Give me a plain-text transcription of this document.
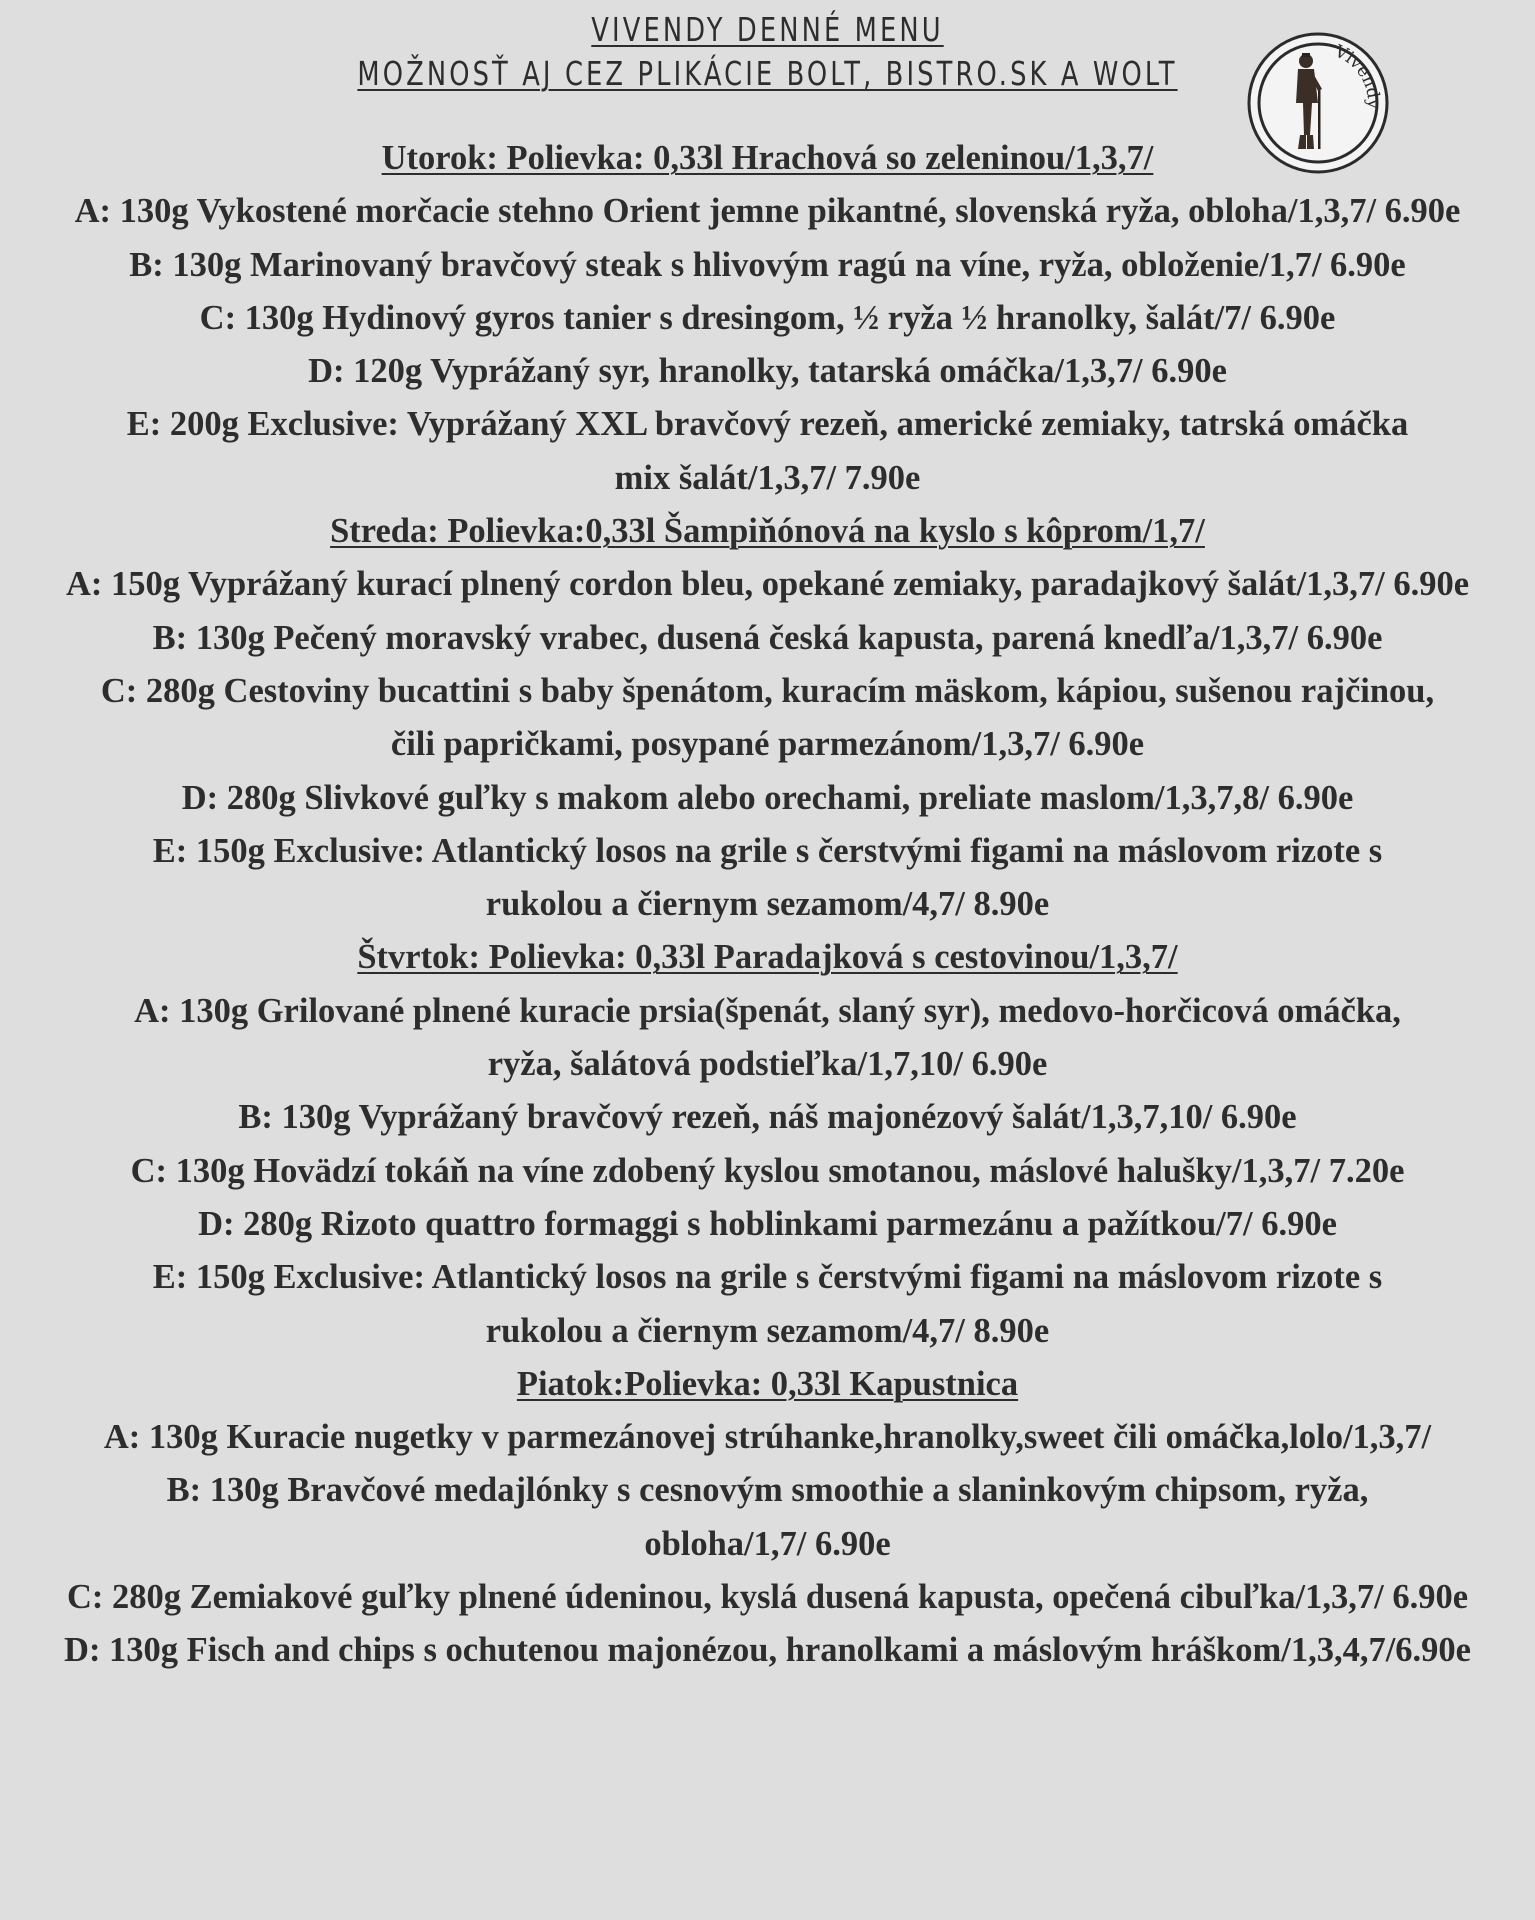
VIVENDY DENNÉ MENU
MOŽNOSŤ AJ CEZ PLIKÁCIE BOLT, BISTRO.SK A WOLT
Vivendy
Utorok: Polievka: 0,33l Hrachová so zeleninou/1,3,7/
A: 130g Vykostené morčacie stehno Orient jemne pikantné, slovenská ryža, obloha/1,3,7/ 6.90e
B: 130g Marinovaný bravčový steak s hlivovým ragú na víne, ryža, obloženie/1,7/ 6.90e
C: 130g Hydinový gyros tanier s dresingom, ½ ryža ½ hranolky, šalát/7/ 6.90e
D: 120g Vyprážaný syr, hranolky, tatarská omáčka/1,3,7/ 6.90e
E: 200g Exclusive: Vyprážaný XXL bravčový rezeň, americké zemiaky, tatrská omáčka
mix šalát/1,3,7/ 7.90e
Streda: Polievka:0,33l Šampiňónová na kyslo s kôprom/1,7/
A: 150g Vyprážaný kurací plnený cordon bleu, opekané zemiaky, paradajkový šalát/1,3,7/ 6.90e
B: 130g Pečený moravský vrabec, dusená česká kapusta, parená knedľa/1,3,7/ 6.90e
C: 280g Cestoviny bucattini s baby špenátom, kuracím mäskom, kápiou, sušenou rajčinou,
čili papričkami, posypané parmezánom/1,3,7/ 6.90e
D: 280g Slivkové guľky s makom alebo orechami, preliate maslom/1,3,7,8/ 6.90e
E: 150g Exclusive: Atlantický losos na grile s čerstvými figami na máslovom rizote s
rukolou a čiernym sezamom/4,7/ 8.90e
Štvrtok: Polievka: 0,33l Paradajková s cestovinou/1,3,7/
A: 130g Grilované plnené kuracie prsia(špenát, slaný syr), medovo-horčicová omáčka,
ryža, šalátová podstieľka/1,7,10/ 6.90e
B: 130g Vyprážaný bravčový rezeň, náš majonézový šalát/1,3,7,10/ 6.90e
C: 130g Hovädzí tokáň na víne zdobený kyslou smotanou, máslové halušky/1,3,7/ 7.20e
D: 280g Rizoto quattro formaggi s hoblinkami parmezánu a pažítkou/7/ 6.90e
E: 150g Exclusive: Atlantický losos na grile s čerstvými figami na máslovom rizote s
rukolou a čiernym sezamom/4,7/ 8.90e
Piatok:Polievka: 0,33l Kapustnica
A: 130g Kuracie nugetky v parmezánovej strúhanke,hranolky,sweet čili omáčka,lolo/1,3,7/
B: 130g Bravčové medajlónky s cesnovým smoothie a slaninkovým chipsom, ryža,
obloha/1,7/ 6.90e
C: 280g Zemiakové guľky plnené údeninou, kyslá dusená kapusta, opečená cibuľka/1,3,7/ 6.90e
D: 130g Fisch and chips s ochutenou majonézou, hranolkami a máslovým hráškom/1,3,4,7/6.90e
